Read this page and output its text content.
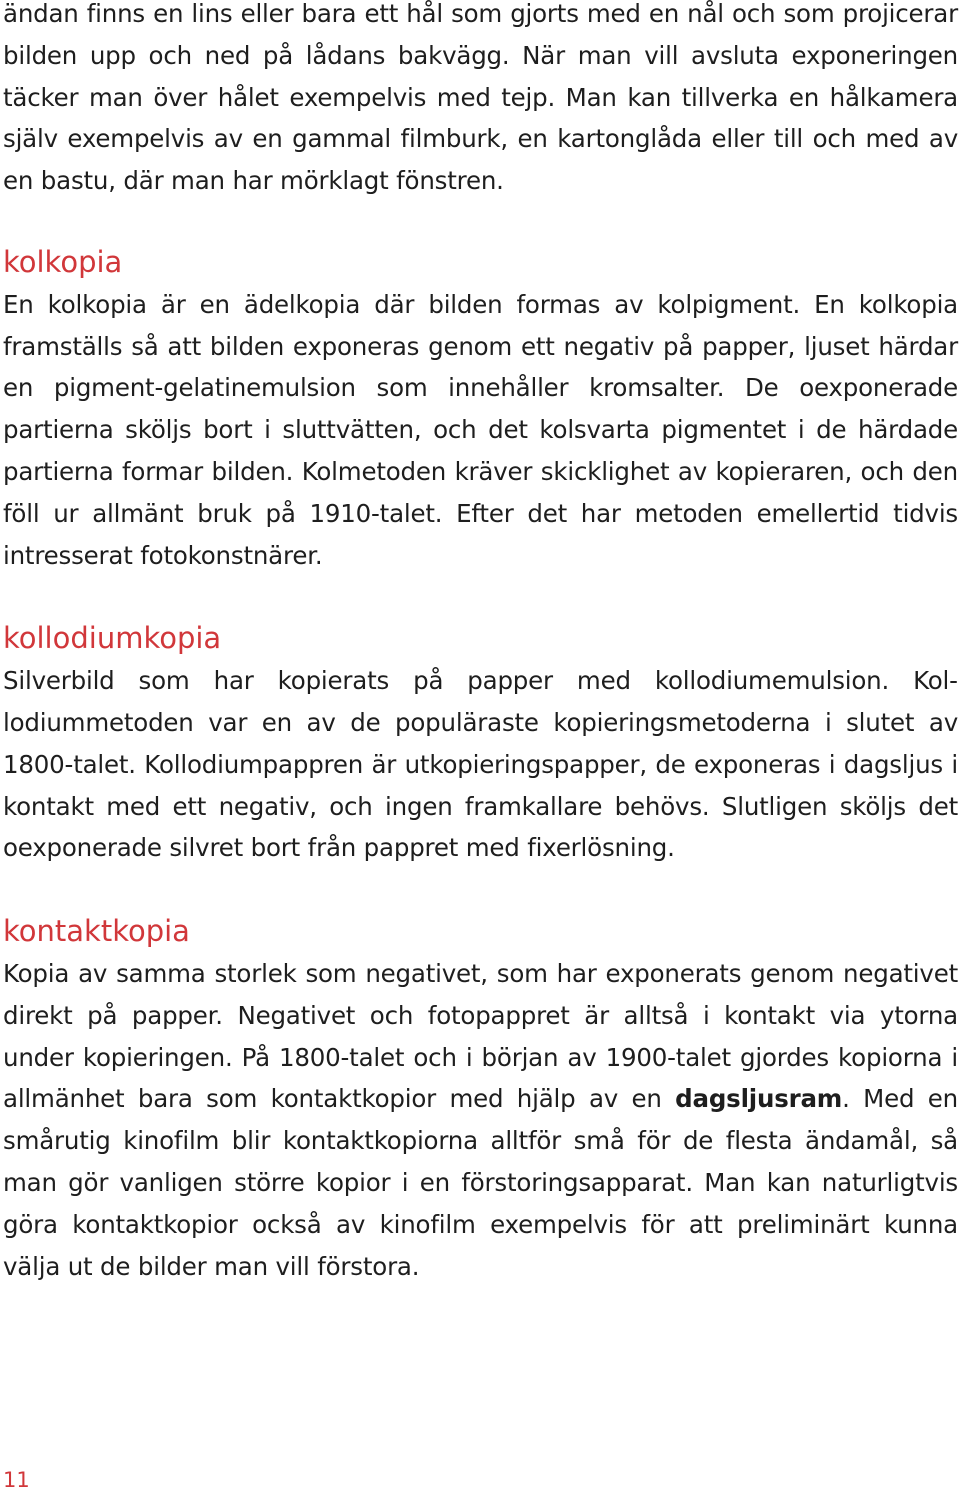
ändan finns en lins eller bara ett hål som gjorts med en nål och som projicerar bilden upp och ned på lådans bakvägg. När man vill avsluta exponeringen täcker man över hålet exempelvis med tejp. Man kan tillverka en hålkamera själv exempelvis av en gammal filmburk, en kartonglåda eller till och med av en bastu, där man har mörklagt fönstren.

kolkopia

En kolkopia är en ädelkopia där bilden formas av kolpigment. En kolkopia framställs så att bilden exponeras genom ett negativ på papper, ljuset härdar en pigment-gelatinemulsion som innehåller kromsalter. De oexponerade partierna sköljs bort i sluttvätten, och det kolsvarta pigmentet i de härdade partierna formar bilden. Kolmetoden kräver skicklighet av kopieraren, och den föll ur allmänt bruk på 1910-talet. Efter det har metoden emellertid tidvis intresserat fotokonstnärer.

kollodiumkopia

Silverbild som har kopierats på papper med kollodiumemulsion. Kollodiummetoden var en av de populäraste kopieringsmetoderna i slutet av 1800-talet. Kollodiumpappren är utkopieringspapper, de exponeras i dagsljus i kontakt med ett negativ, och ingen framkallare behövs. Slutligen sköljs det oexponerade silvret bort från pappret med fixerlösning.

kontaktkopia

Kopia av samma storlek som negativet, som har exponerats genom negativet direkt på papper. Negativet och fotopappret är alltså i kontakt via ytorna under kopieringen. På 1800-talet och i början av 1900-talet gjordes kopiorna i allmänhet bara som kontaktkopior med hjälp av en dagsljusram. Med en smårutig kinofilm blir kontaktkopiorna alltför små för de flesta ändamål, så man gör vanligen större kopior i en förstoringsapparat. Man kan naturligtvis göra kontaktkopior också av kinofilm exempelvis för att preliminärt kunna välja ut de bilder man vill förstora.

11
